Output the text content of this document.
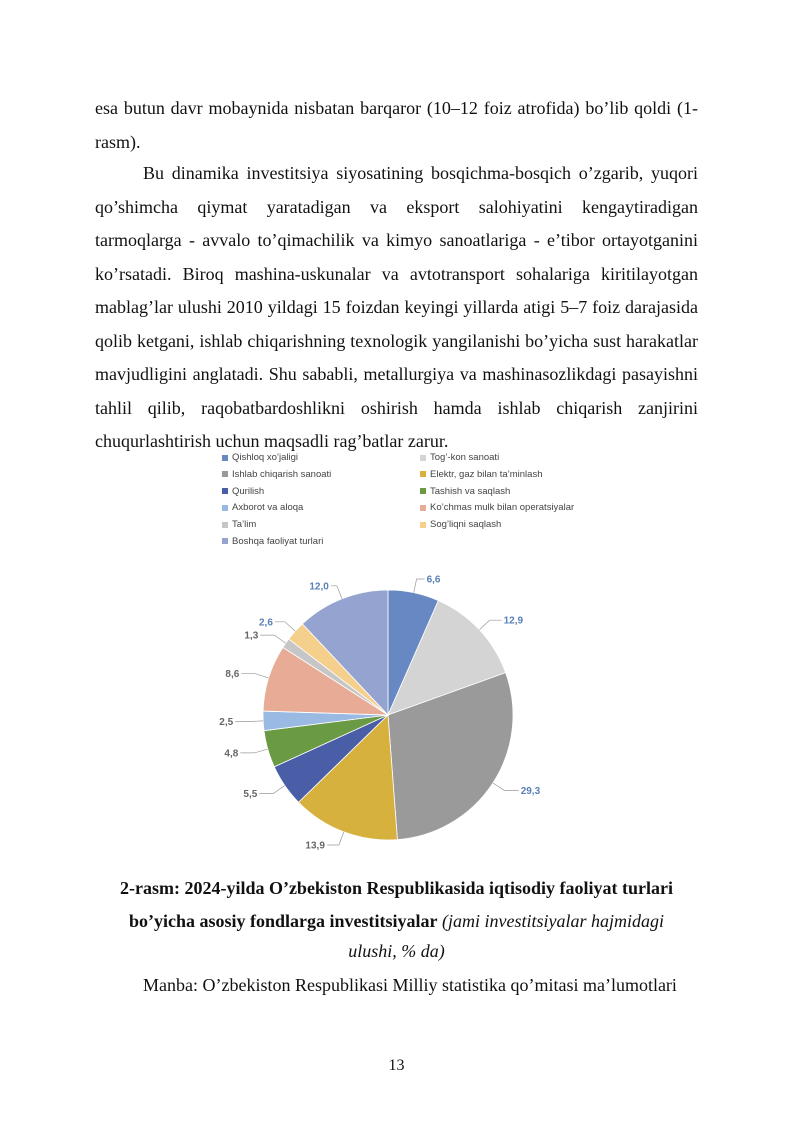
esa butun davr mobaynida nisbatan barqaror (10–12 foiz atrofida) bo’lib qoldi (1-rasm).

Bu dinamika investitsiya siyosatining bosqichma-bosqich o’zgarib, yuqori qo’shimcha qiymat yaratadigan va eksport salohiyatini kengaytiradigan tarmoqlarga - avvalo to’qimachilik va kimyo sanoatlariga - e’tibor ortayotganini ko’rsatadi. Biroq mashina-uskunalar va avtotransport sohalariga kiritilayotgan mablag’lar ulushi 2010 yildagi 15 foizdan keyingi yillarda atigi 5–7 foiz darajasida qolib ketgani, ishlab chiqarishning texnologik yangilanishi bo’yicha sust harakatlar mavjudligini anglatadi. Shu sababli, metallurgiya va mashinasozlikdagi pasayishni tahlil qilib, raqobatbardoshlikni oshirish hamda ishlab chiqarish zanjirini chuqurlashtirish uchun maqsadli rag’batlar zarur.

Qishloq xo’jaligi	Tog’-kon sanoati
Ishlab chiqarish sanoati	Elektr, gaz bilan ta’minlash
Qurilish	Tashish va saqlash
Axborot va aloqa	Ko’chmas mulk bilan operatsiyalar
Ta’lim	Sog’liqni saqlash
Boshqa faoliyat turlari
6,6
12,9
29,3
13,9
5,5
4,8
2,5
8,6
1,3
2,6
12,0

2-rasm: 2024-yilda O’zbekiston Respublikasida iqtisodiy faoliyat turlari

bo’yicha asosiy fondlarga investitsiyalar (jami investitsiyalar hajmidagi

ulushi, % da)

Manba: O’zbekiston Respublikasi Milliy statistika qo’mitasi ma’lumotlari

13
